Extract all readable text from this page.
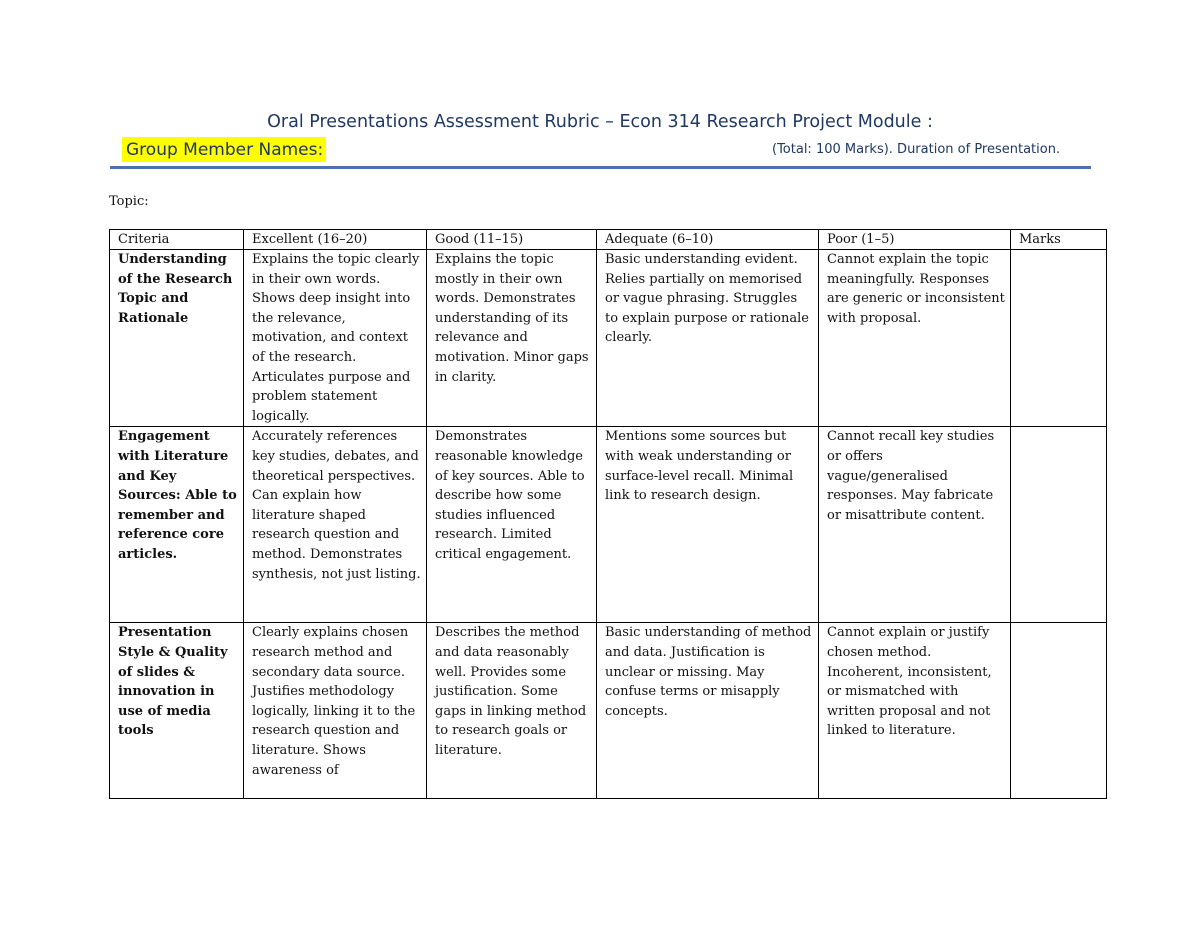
Oral Presentations Assessment Rubric – Econ 314 Research Project Module :
Group Member Names:	(Total: 100 Marks). Duration of Presentation.
Topic:
Criteria	Excellent (16–20)	Good (11–15)	Adequate (6–10)	Poor (1–5)	Marks
Understanding of the Research Topic and Rationale	Explains the topic clearly in their own words. Shows deep insight into the relevance, motivation, and context of the research. Articulates purpose and problem statement logically.	Explains the topic mostly in their own words. Demonstrates understanding of its relevance and motivation. Minor gaps in clarity.	Basic understanding evident. Relies partially on memorised or vague phrasing. Struggles to explain purpose or rationale clearly.	Cannot explain the topic meaningfully. Responses are generic or inconsistent with proposal.	
Engagement with Literature and Key Sources: Able to remember and reference core articles.	Accurately references key studies, debates, and theoretical perspectives. Can explain how literature shaped research question and method. Demonstrates synthesis, not just listing.	Demonstrates reasonable knowledge of key sources. Able to describe how some studies influenced research. Limited critical engagement.	Mentions some sources but with weak understanding or surface-level recall. Minimal link to research design.	Cannot recall key studies or offers vague/generalised responses. May fabricate or misattribute content.	
Presentation Style & Quality of slides & innovation in use of media tools	Clearly explains chosen research method and secondary data source. Justifies methodology logically, linking it to the research question and literature. Shows awareness of	Describes the method and data reasonably well. Provides some justification. Some gaps in linking method to research goals or literature.	Basic understanding of method and data. Justification is unclear or missing. May confuse terms or misapply concepts.	Cannot explain or justify chosen method. Incoherent, inconsistent, or mismatched with written proposal and not linked to literature.	
